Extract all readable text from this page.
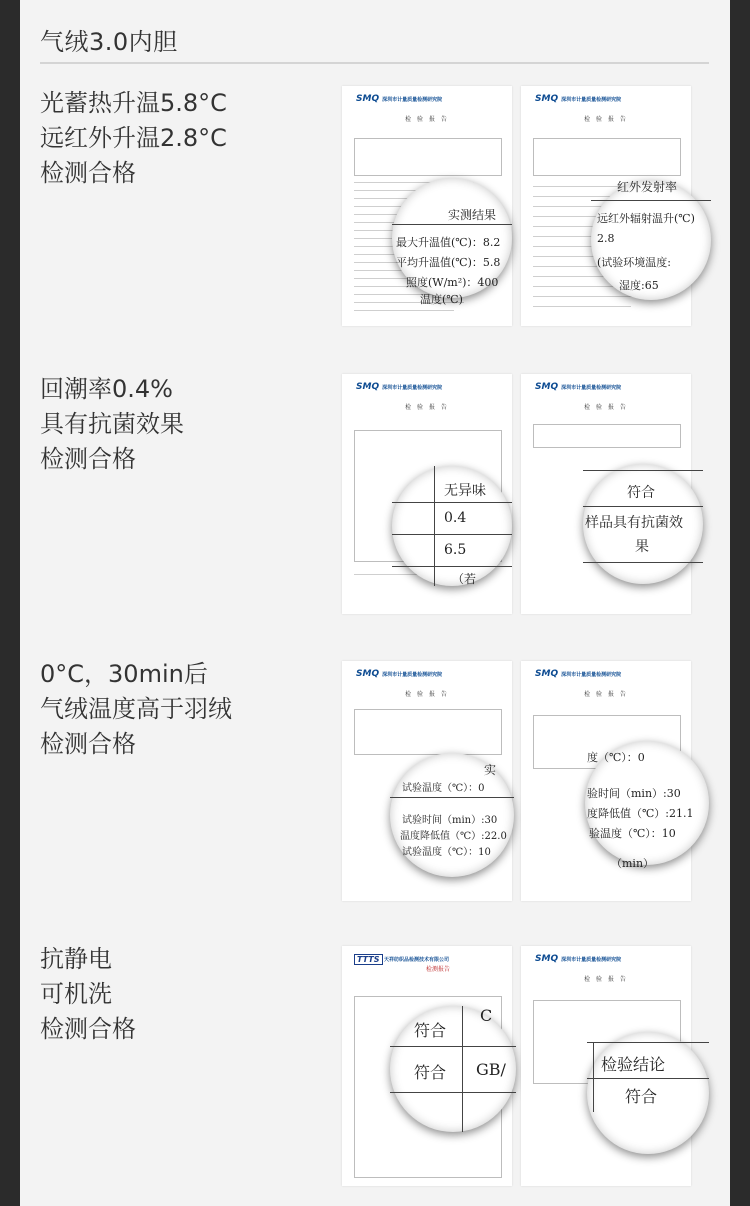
气绒3.0内胆
光蓄热升温5.8°C
远红外升温2.8°C
检测合格
SMQ 深圳市计量质量检测研究院
检 验 报 告
实测结果
最大升温值(℃)：8.2
平均升温值(℃)：5.8
照度(W/m²)：400
温度(℃)
SMQ 深圳市计量质量检测研究院
检 验 报 告
红外发射率
远红外辐射温升(℃)
2.8
(试验环境温度:
湿度:65
回潮率0.4%
具有抗菌效果
检测合格
SMQ 深圳市计量质量检测研究院
检 验 报 告
无异味
0.4
6.5
（若
SMQ 深圳市计量质量检测研究院
检 验 报 告
符合
样品具有抗菌效
果
0°C，30min后
气绒温度高于羽绒
检测合格
SMQ 深圳市计量质量检测研究院
检 验 报 告
实
试验温度（℃）：0
试验时间（min）:30
温度降低值（℃）:22.0
试验温度（℃）：10
SMQ 深圳市计量质量检测研究院
检 验 报 告
度（℃）：0
验时间（min）:30
度降低值（℃）:21.1
验温度（℃）：10
（min）
抗静电
可机洗
检测合格
TTTS 天祥纺织品检测技术有限公司
检测报告
符合
C
符合 GB/
SMQ 深圳市计量质量检测研究院
检 验 报 告
检验结论
符合
